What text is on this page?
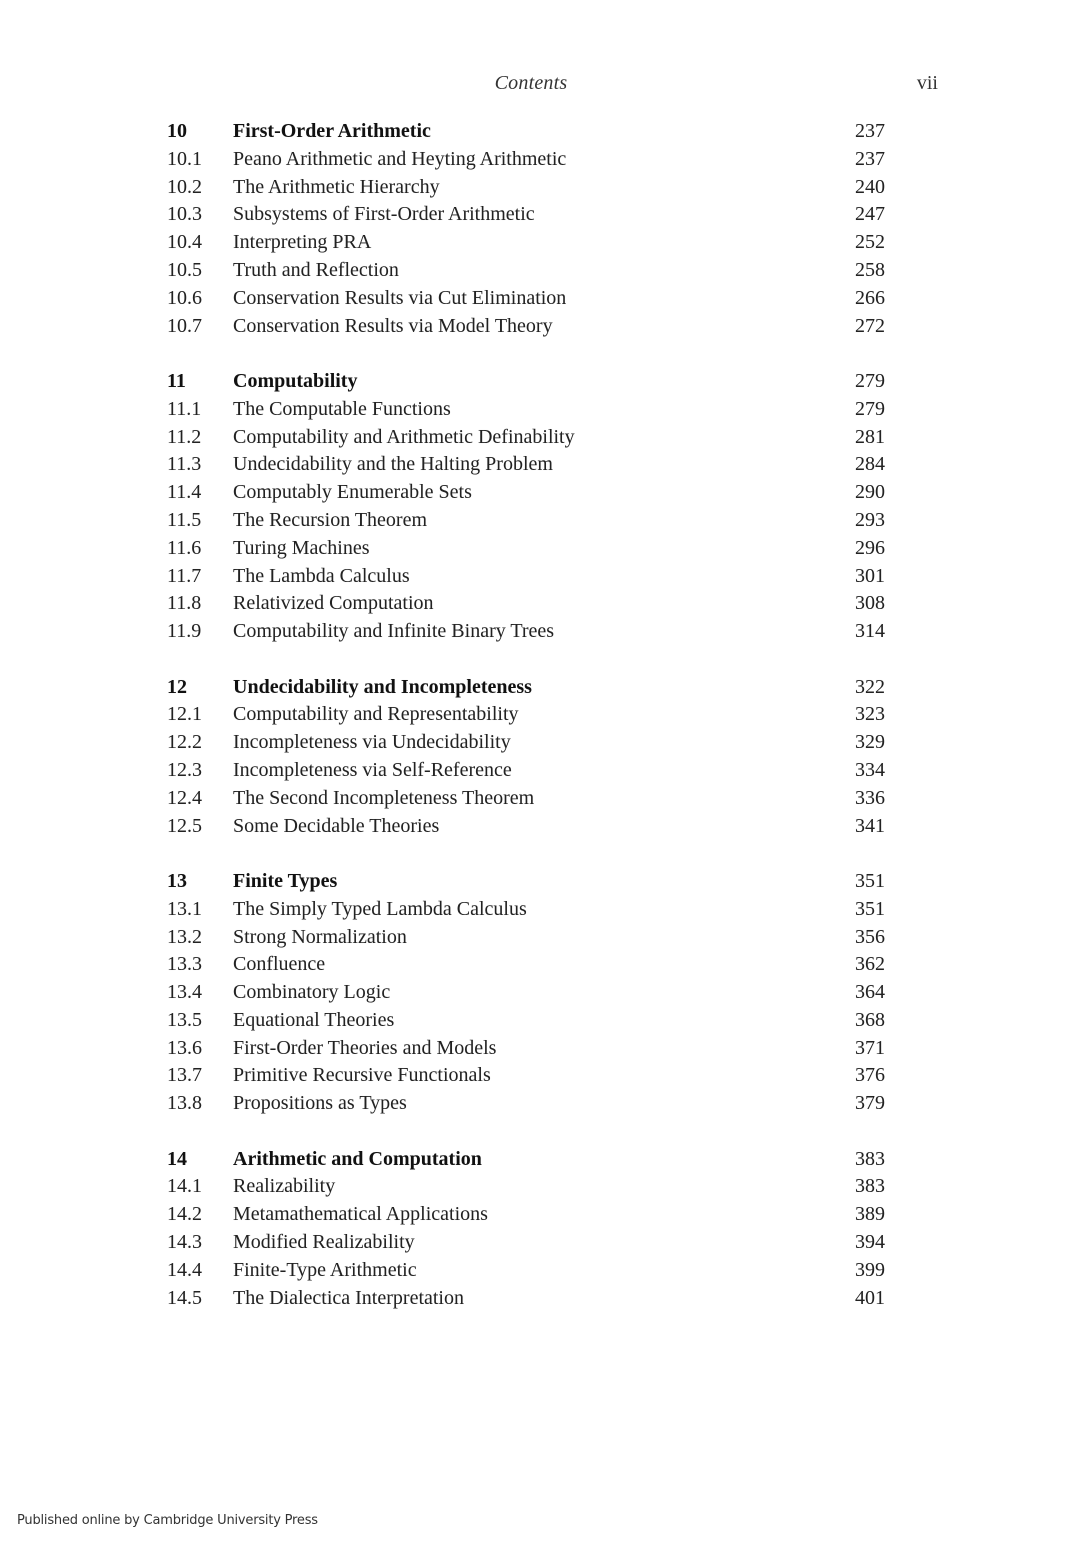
Contents	vii
10	First-Order Arithmetic	237
10.1	Peano Arithmetic and Heyting Arithmetic	237
10.2	The Arithmetic Hierarchy	240
10.3	Subsystems of First-Order Arithmetic	247
10.4	Interpreting PRA	252
10.5	Truth and Reflection	258
10.6	Conservation Results via Cut Elimination	266
10.7	Conservation Results via Model Theory	272
11	Computability	279
11.1	The Computable Functions	279
11.2	Computability and Arithmetic Definability	281
11.3	Undecidability and the Halting Problem	284
11.4	Computably Enumerable Sets	290
11.5	The Recursion Theorem	293
11.6	Turing Machines	296
11.7	The Lambda Calculus	301
11.8	Relativized Computation	308
11.9	Computability and Infinite Binary Trees	314
12	Undecidability and Incompleteness	322
12.1	Computability and Representability	323
12.2	Incompleteness via Undecidability	329
12.3	Incompleteness via Self-Reference	334
12.4	The Second Incompleteness Theorem	336
12.5	Some Decidable Theories	341
13	Finite Types	351
13.1	The Simply Typed Lambda Calculus	351
13.2	Strong Normalization	356
13.3	Confluence	362
13.4	Combinatory Logic	364
13.5	Equational Theories	368
13.6	First-Order Theories and Models	371
13.7	Primitive Recursive Functionals	376
13.8	Propositions as Types	379
14	Arithmetic and Computation	383
14.1	Realizability	383
14.2	Metamathematical Applications	389
14.3	Modified Realizability	394
14.4	Finite-Type Arithmetic	399
14.5	The Dialectica Interpretation	401
Published online by Cambridge University Press
